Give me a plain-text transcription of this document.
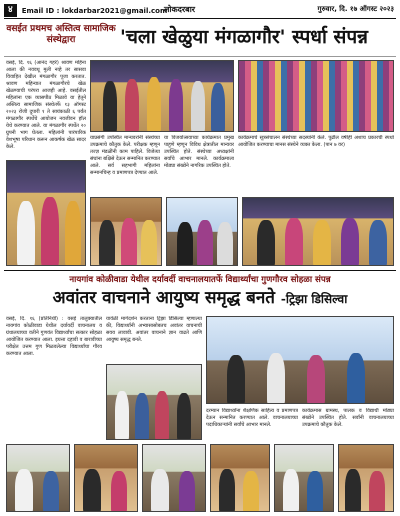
४	Email ID : lokdarbar2021@gmail.com
लोकदरबार	गुरुवार, दि. १७ ऑगस्ट २०२३
वसईत प्रथमच अस्तित्व सामाजिक संस्थेद्वारा	'चला खेळुया मंगळागौर' स्पर्धा संपन्न
वसई, दि. १६ (आनंद गहरे) श्रावण महिना आला की नववधू मुली नव्हे तर सासवा विवाहित देखील मंगळागौर पूजा करतात. श्रावण महिन्यात मंगळागौरचे खेळ खेळण्याची परंपरा आजही आहे. वसईतील महिलांना एक व्यासपीठ मिळावे या हेतूने अस्तित्व सामाजिक संस्थेतर्फे १३ ऑगस्ट २०२३ रोजी दुपारी १ ते सायंकाळी ६ पर्यंत मंगळागौर स्पर्धेचे आयोजन नवजीवन हॉल येथे करण्यात आले. या मंगळागौर स्पर्धेत २० ग्रुपनी भाग घेतला. महिलांनी पारंपारिक वेशभूषा परिधान करून आकर्षक खेळ सादर केले.
याप्रसंगी उपस्थित मान्यवरांनी संस्थेच्या उपक्रमाचे कौतुक केले. परीक्षक म्हणून तज्ज्ञ मंडळींनी काम पाहिले. विजेत्या संघांना बक्षिसे देऊन सन्मानित करण्यात आले. सर्व सहभागी महिलांना सन्मानचिन्ह व प्रमाणपत्र देण्यात आले.
या विजयोत्सवाच्या कार्यक्रमात प्रमुख पाहुणे म्हणून विविध क्षेत्रातील मान्यवर उपस्थित होते. संस्थेच्या अध्यक्षांनी सर्वांचे आभार मानले. कार्यक्रमाला मोठ्या संख्येने नागरिक उपस्थित होते.
कार्यक्रमाचे सूत्रसंचालन संस्थेच्या सदस्यांनी केले. पुढील वर्षीही अशाच प्रकारची स्पर्धा आयोजित करण्याचा मानस संस्थेने व्यक्त केला. (पान ७ वर)
नायगांव कोळीवाडा येथील दर्यावर्दी वाचनालयातर्फे विद्यार्थ्यांचा गुणगौरव सोहळा संपन्न
अवांतर वाचनाने आयुष्य समृद्ध बनते -ट्रिझा डिसिल्वा
वसई, दि. १६ (प्रतिनिधी) : वसई तालुक्यातील नायगांव कोळीवाडा येथील दर्यावर्दी वाचनालय व ग्रंथालयाच्या वतीने गुणवंत विद्यार्थ्यांचा सत्कार सोहळा आयोजित करण्यात आला. इयत्ता दहावी व बारावीच्या परीक्षेत उत्तम गुण मिळवलेल्या विद्यार्थ्यांचा गौरव करण्यात आला.
यावेळी मार्गदर्शन करताना ट्रिझा डिसिल्वा म्हणाल्या की, विद्यार्थ्यांनी अभ्यासासोबतच अवांतर वाचनाची सवय लावावी. अवांतर वाचनाने ज्ञान वाढते आणि आयुष्य समृद्ध बनते.
दरम्यान विद्यार्थ्यांना शैक्षणिक साहित्य व प्रमाणपत्र देऊन सन्मानित करण्यात आले. वाचनालयाच्या पदाधिकाऱ्यांनी सर्वांचे आभार मानले.
कार्यक्रमास ग्रामस्थ, पालक व विद्यार्थी मोठ्या संख्येने उपस्थित होते. सर्वांनी वाचनालयाच्या उपक्रमाचे कौतुक केले.
